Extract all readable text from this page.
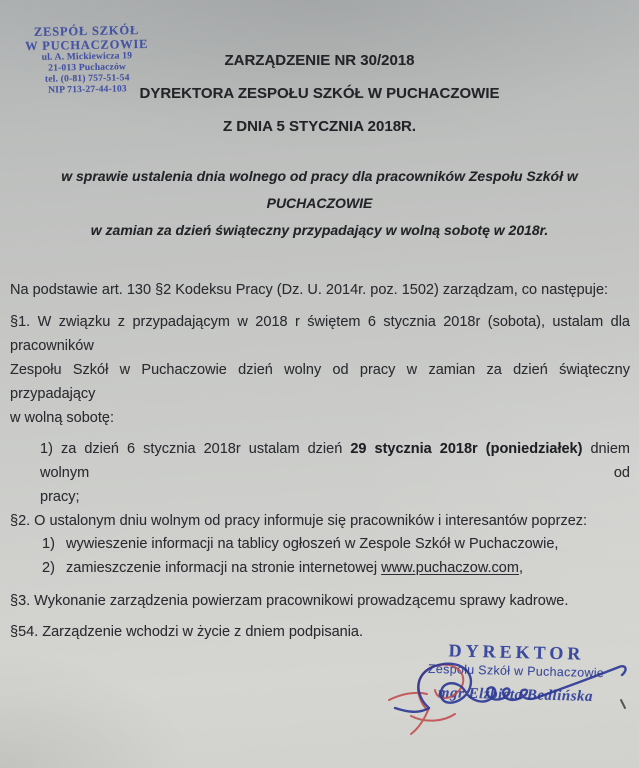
ZESPÓŁ SZKÓŁ
W PUCHACZOWIE
ul. A. Mickiewicza 19
21-013 Puchaczów
tel. (0-81) 757-51-54
NIP 713-27-44-103
ZARZĄDZENIE NR 30/2018
DYREKTORA ZESPOŁU SZKÓŁ W PUCHACZOWIE
Z DNIA 5 STYCZNIA 2018R.
w sprawie ustalenia dnia wolnego od pracy dla pracowników Zespołu Szkół w PUCHACZOWIE
w zamian za dzień świąteczny przypadający w wolną sobotę w 2018r.

Na podstawie art. 130 §2 Kodeksu Pracy (Dz. U. 2014r. poz. 1502) zarządzam, co następuje:

§1. W związku z przypadającym w 2018 r świętem 6 stycznia 2018r (sobota), ustalam dla pracowników
Zespołu Szkół w Puchaczowie dzień wolny od pracy w zamian za dzień świąteczny przypadający
w wolną sobotę:

1) za dzień 6 stycznia 2018r ustalam dzień 29 stycznia 2018r (poniedziałek) dniem wolnym od
pracy;

§2. O ustalonym dniu wolnym od pracy informuje się pracowników i interesantów poprzez:

1) wywieszenie informacji na tablicy ogłoszeń w Zespole Szkół w Puchaczowie,
2) zamieszczenie informacji na stronie internetowej www.puchaczow.com,

§3. Wykonanie zarządzenia powierzam pracownikowi prowadzącemu sprawy kadrowe.

§54. Zarządzenie wchodzi w życie z dniem podpisania.

DYREKTOR
Zespołu Szkół w Puchaczowie
mgr Elżbieta Bedlińska
